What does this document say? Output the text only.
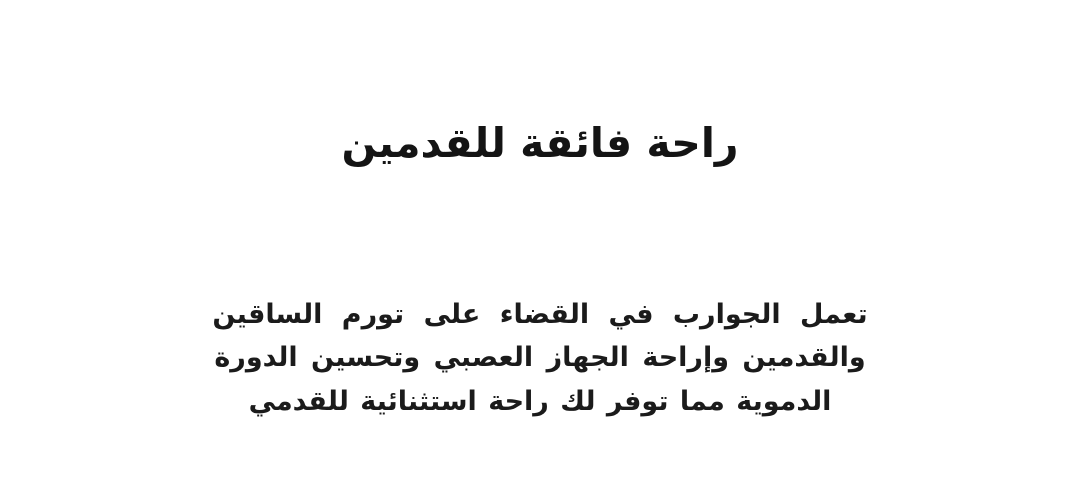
راحة فائقة للقدمين
تعمل الجوارب في القضاء على تورم الساقين
والقدمين وإراحة الجهاز العصبي وتحسين الدورة
الدموية مما توفر لك راحة استثنائية للقدمي
